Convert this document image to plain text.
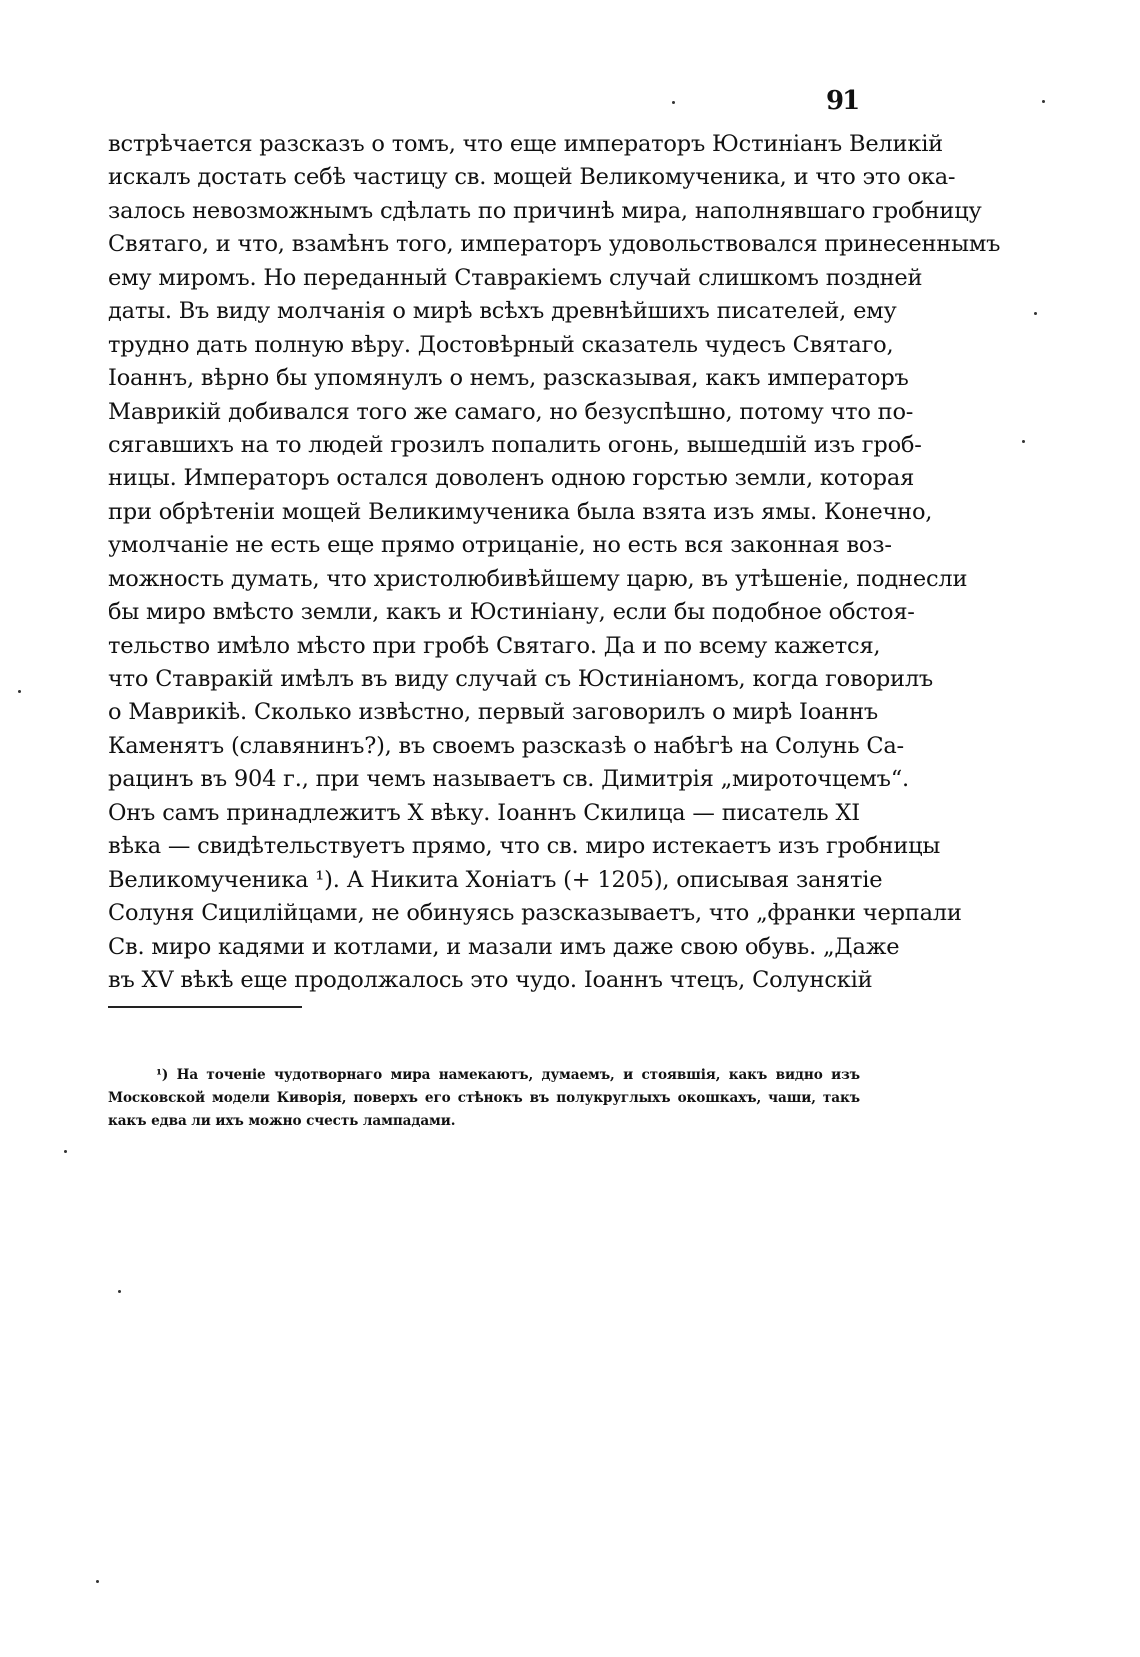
91
встрѣчается разсказъ о томъ, что еще императоръ Юстиніанъ Великій
искалъ достать себѣ частицу св. мощей Великомученика, и что это ока-
залось невозможнымъ сдѣлать по причинѣ мира, наполнявшаго гробницу
Святаго, и что, взамѣнъ того, императоръ удовольствовался принесеннымъ
ему миромъ. Но переданный Ставракіемъ случай слишкомъ поздней
даты. Въ виду молчанія о мирѣ всѣхъ древнѣйшихъ писателей, ему
трудно дать полную вѣру. Достовѣрный сказатель чудесъ Святаго,
Іоаннъ, вѣрно бы упомянулъ о немъ, разсказывая, какъ императоръ
Маврикій добивался того же самаго, но безуспѣшно, потому что по-
сягавшихъ на то людей грозилъ попалить огонь, вышедшій изъ гроб-
ницы. Императоръ остался доволенъ одною горстью земли, которая
при обрѣтеніи мощей Великимученика была взята изъ ямы. Конечно,
умолчаніе не есть еще прямо отрицаніе, но есть вся законная воз-
можность думать, что христолюбивѣйшему царю, въ утѣшеніе, поднесли
бы миро вмѣсто земли, какъ и Юстиніану, если бы подобное обстоя-
тельство имѣло мѣсто при гробѣ Святаго. Да и по всему кажется,
что Ставракій имѣлъ въ виду случай съ Юстиніаномъ, когда говорилъ
о Маврикіѣ. Сколько извѣстно, первый заговорилъ о мирѣ Іоаннъ
Каменятъ (славянинъ?), въ своемъ разсказѣ о набѣгѣ на Солунь Са-
рацинъ въ 904 г., при чемъ называетъ св. Димитрія „мироточцемъ“.
Онъ самъ принадлежитъ X вѣку. Іоаннъ Скилица — писатель XI
вѣка — свидѣтельствуетъ прямо, что св. миро истекаетъ изъ гробницы
Великомученика ¹). А Никита Хоніатъ (+ 1205), описывая занятіе
Солуня Сицилійцами, не обинуясь разсказываетъ, что „франки черпали
Св. миро кадями и котлами, и мазали имъ даже свою обувь. „Даже
въ XV вѣкѣ еще продолжалось это чудо. Іоаннъ чтецъ, Солунскій
¹) На точеніе чудотворнаго мира намекаютъ, думаемъ, и стоявшія, какъ видно изъ
Московской модели Киворія, поверхъ его стѣнокъ въ полукруглыхъ окошкахъ, чаши, такъ
какъ едва ли ихъ можно счесть лампадами.
